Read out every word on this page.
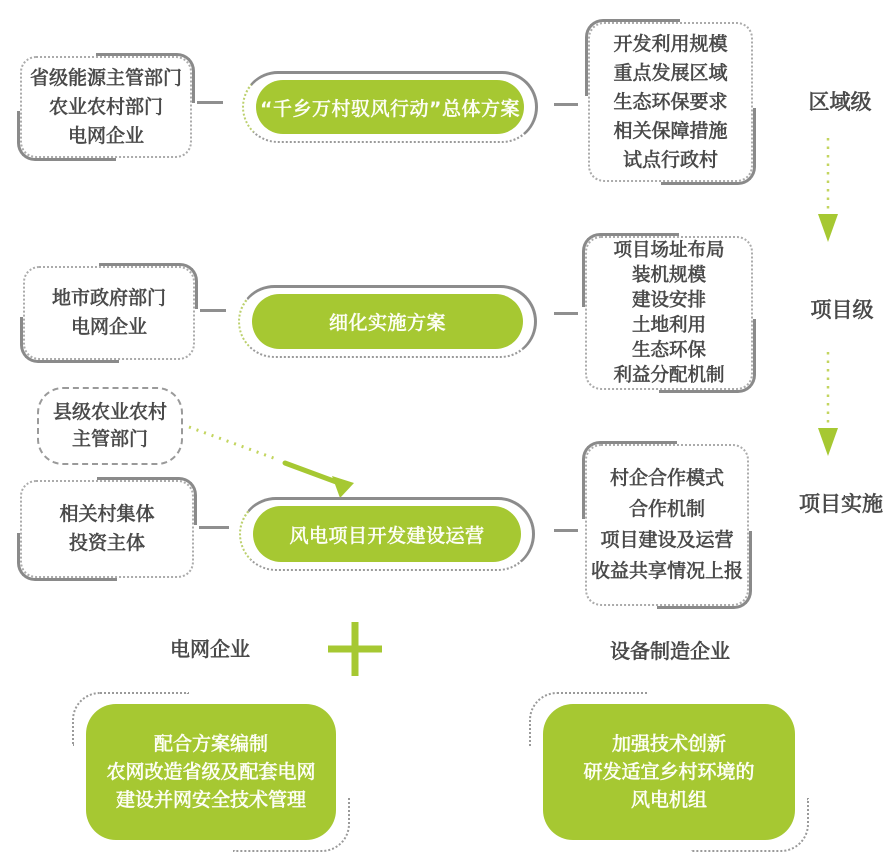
省级能源主管部门
农业农村部门
电网企业
“千乡万村驭风行动”总体方案
开发利用规模
重点发展区域
生态环保要求
相关保障措施
试点行政村
区域级
地市政府部门
电网企业	细化实施方案
项目场址布局
装机规模
建设安排
土地利用
生态环保
利益分配机制
项目级
县级农业农村
主管部门
相关村集体
投资主体	风电项目开发建设运营
村企合作模式
合作机制
项目建设及运营
收益共享情况上报
项目实施
电网企业	设备制造企业
配合方案编制
农网改造省级及配套电网
建设并网安全技术管理
加强技术创新
研发适宜乡村环境的
风电机组
